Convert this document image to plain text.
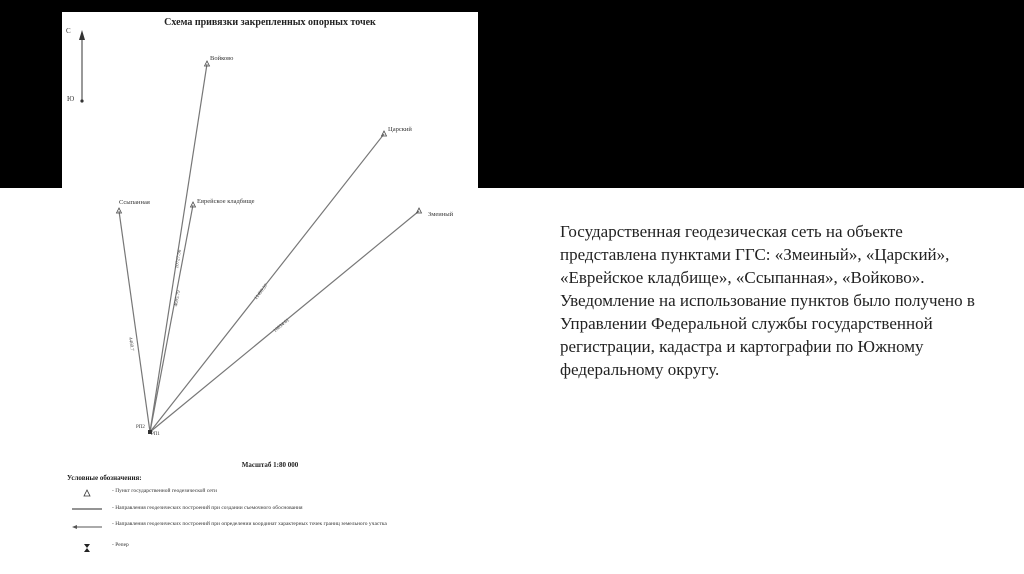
Схема привязки закрепленных опорных точек
С
Ю
Войково
Царский
Змеиный
Ссыпанная	Еврейское кладбище
РП2
РП1
10727.56
4695.79
4460.7
11499.57
10834.61
Масштаб 1:80 000
Условные обозначения:
- Пункт государственной геодезической сети
- Направления геодезических построений при создании съемочного обоснования
- Направления геодезических построений при определении координат характерных точек границ земельного участка
- Репер
Государственная геодезическая сеть на объекте представлена пунктами ГГС: «Змеиный», «Царский», «Еврейское кладбище», «Ссыпанная», «Войково». Уведомление на использование пунктов было получено в Управлении Федеральной службы государственной регистрации, кадастра и картографии по Южному федеральному округу.
